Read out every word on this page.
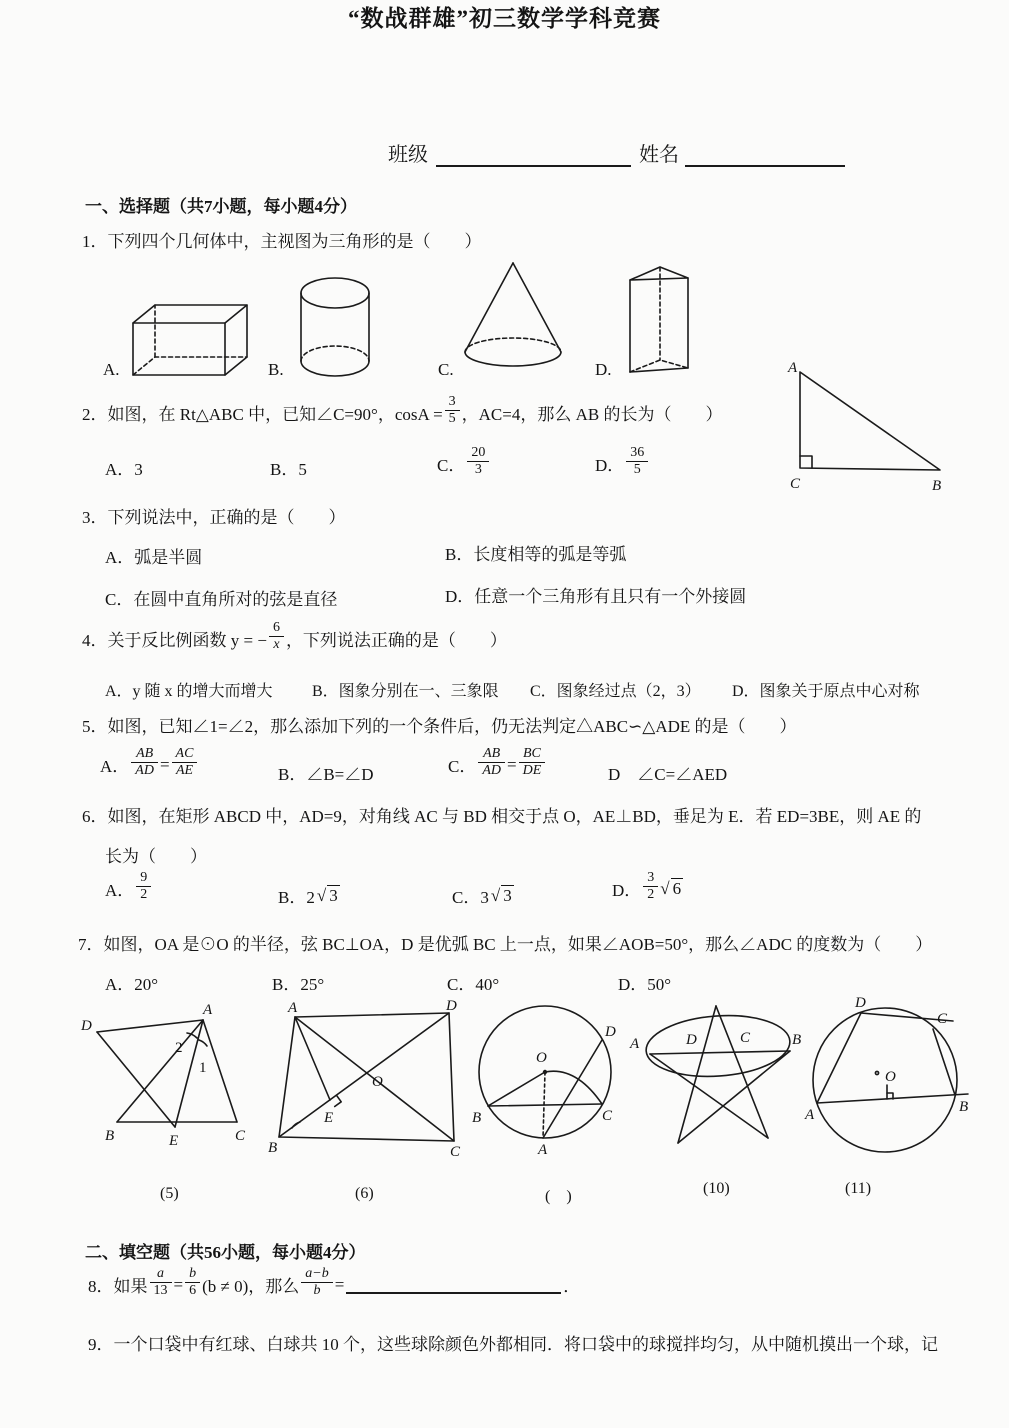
“数战群雄”初三数学学科竞赛
班级	姓名
一、选择题（共7小题，每小题4分）
1．下列四个几何体中，主视图为三角形的是（　　）
A.	B.	C.	D.
2．如图，在 Rt△ABC 中，已知∠C=90°，$\cos A = \frac{3}{5}$ ，AC=4，那么 AB 的长为（　　）
A．3	B．5	C． $\frac{20}{3}$	D． $\frac{36}{5}$
A
C	B
3．下列说法中，正确的是（　　）
A．弧是半圆	B．长度相等的弧是等弧
C．在圆中直角所对的弦是直径	D．任意一个三角形有且只有一个外接圆
4．关于反比例函数 y = − $\frac{6}{x}$ ，下列说法正确的是（　　）
A．y 随 x 的增大而增大 B．图象分别在一、三象限 C．图象经过点（2，3） D．图象关于原点中心对称
5．如图，已知∠1=∠2，那么添加下列的一个条件后，仍无法判定△ABC∽△ADE 的是（　　）
A． $\frac{AB}{AD} = \frac{AC}{AE}$	B．∠B=∠D	C． $\frac{AB}{AD} = \frac{BC}{DE}$	D　∠C=∠AED
6．如图，在矩形 ABCD 中，AD=9，对角线 AC 与 BD 相交于点 O，AE⊥BD，垂足为 E．若 ED=3BE，则 AE 的
长为（　　）
A． $\frac{9}{2}$	B．2 √ 3	C．3 √ 3	D． $\frac{3}{2}$ √ 6
7．如图，OA 是⊙O 的半径，弦 BC⊥OA，D 是优弧 BC 上一点，如果∠AOB=50°，那么∠ADC 的度数为（　　）
A．20°	B．25°	C．40°	D．50°
2
1
D
A
B	E	C
A	D
B	C
O
E
O
B	C
A
D
A	D	C	B
D
C
A	B
O
(5)	(6)	(　)	(10)	(11)
二、填空题（共56小题，每小题4分）
8．如果 $\frac{a}{13} = \frac{b}{6} (b \ne 0)$，那么 $\frac{a-b}{b}$ =	．
9．一个口袋中有红球、白球共 10 个，这些球除颜色外都相同．将口袋中的球搅拌均匀，从中随机摸出一个球，记
